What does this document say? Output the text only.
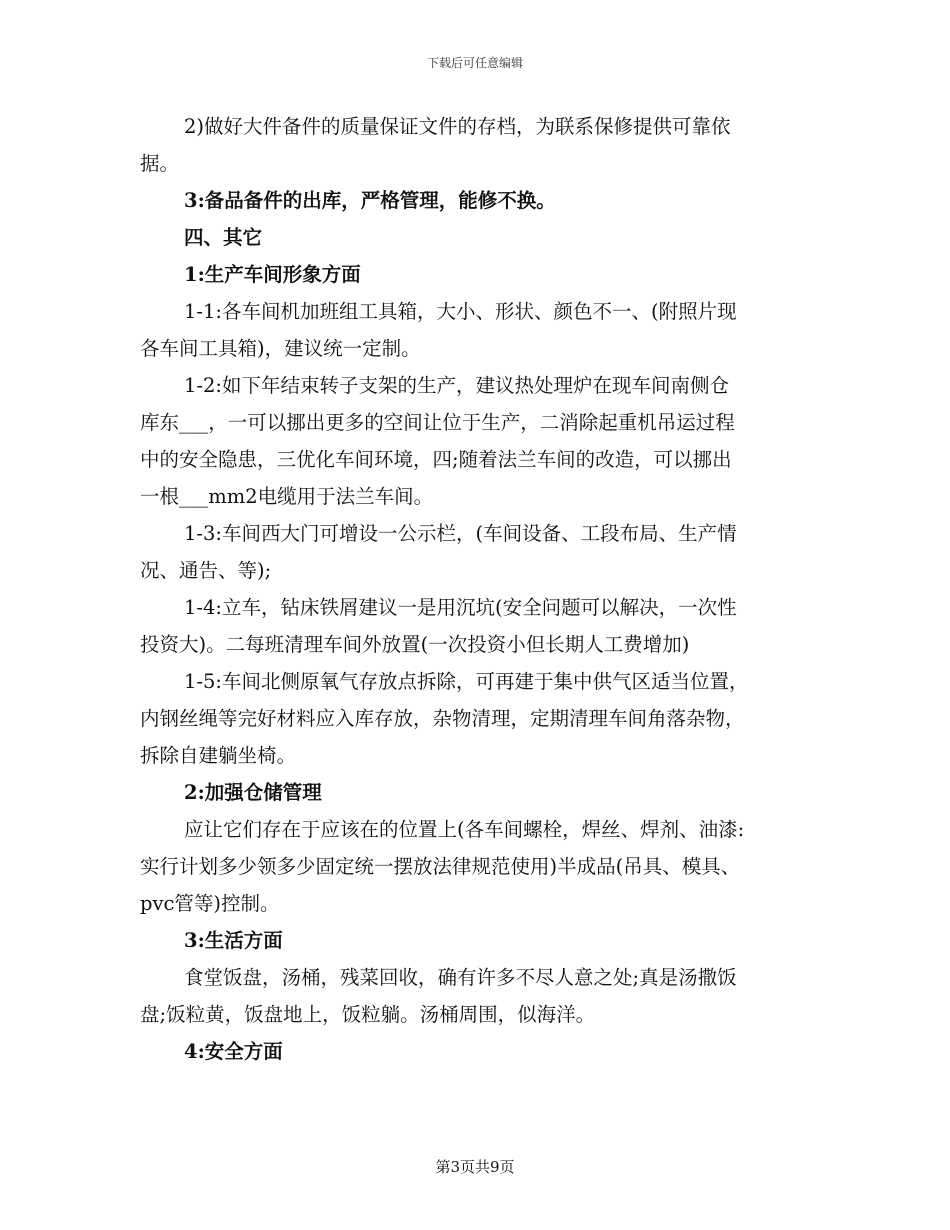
下载后可任意编辑

2)做好大件备件的质量保证文件的存档，为联系保修提供可靠依

据。

3:备品备件的出库，严格管理，能修不换。

四、其它

1:生产车间形象方面

1-1:各车间机加班组工具箱，大小、形状、颜色不一、(附照片现

各车间工具箱)，建议统一定制。

1-2:如下年结束转子支架的生产，建议热处理炉在现车间南侧仓

库东___，一可以挪出更多的空间让位于生产，二消除起重机吊运过程

中的安全隐患，三优化车间环境，四;随着法兰车间的改造，可以挪出

一根___mm2电缆用于法兰车间。

1-3:车间西大门可增设一公示栏，(车间设备、工段布局、生产情

况、通告、等);

1-4:立车，钻床铁屑建议一是用沉坑(安全问题可以解决，一次性

投资大)。二每班清理车间外放置(一次投资小但长期人工费增加)

1-5:车间北侧原氧气存放点拆除，可再建于集中供气区适当位置，

内钢丝绳等完好材料应入库存放，杂物清理，定期清理车间角落杂物，

拆除自建躺坐椅。

2:加强仓储管理

应让它们存在于应该在的位置上(各车间螺栓，焊丝、焊剂、油漆:

实行计划多少领多少固定统一摆放法律规范使用)半成品(吊具、模具、

pvc管等)控制。

3:生活方面

食堂饭盘，汤桶，残菜回收，确有许多不尽人意之处;真是汤撒饭

盘;饭粒黄，饭盘地上，饭粒躺。汤桶周围，似海洋。

4:安全方面

第3页共9页
